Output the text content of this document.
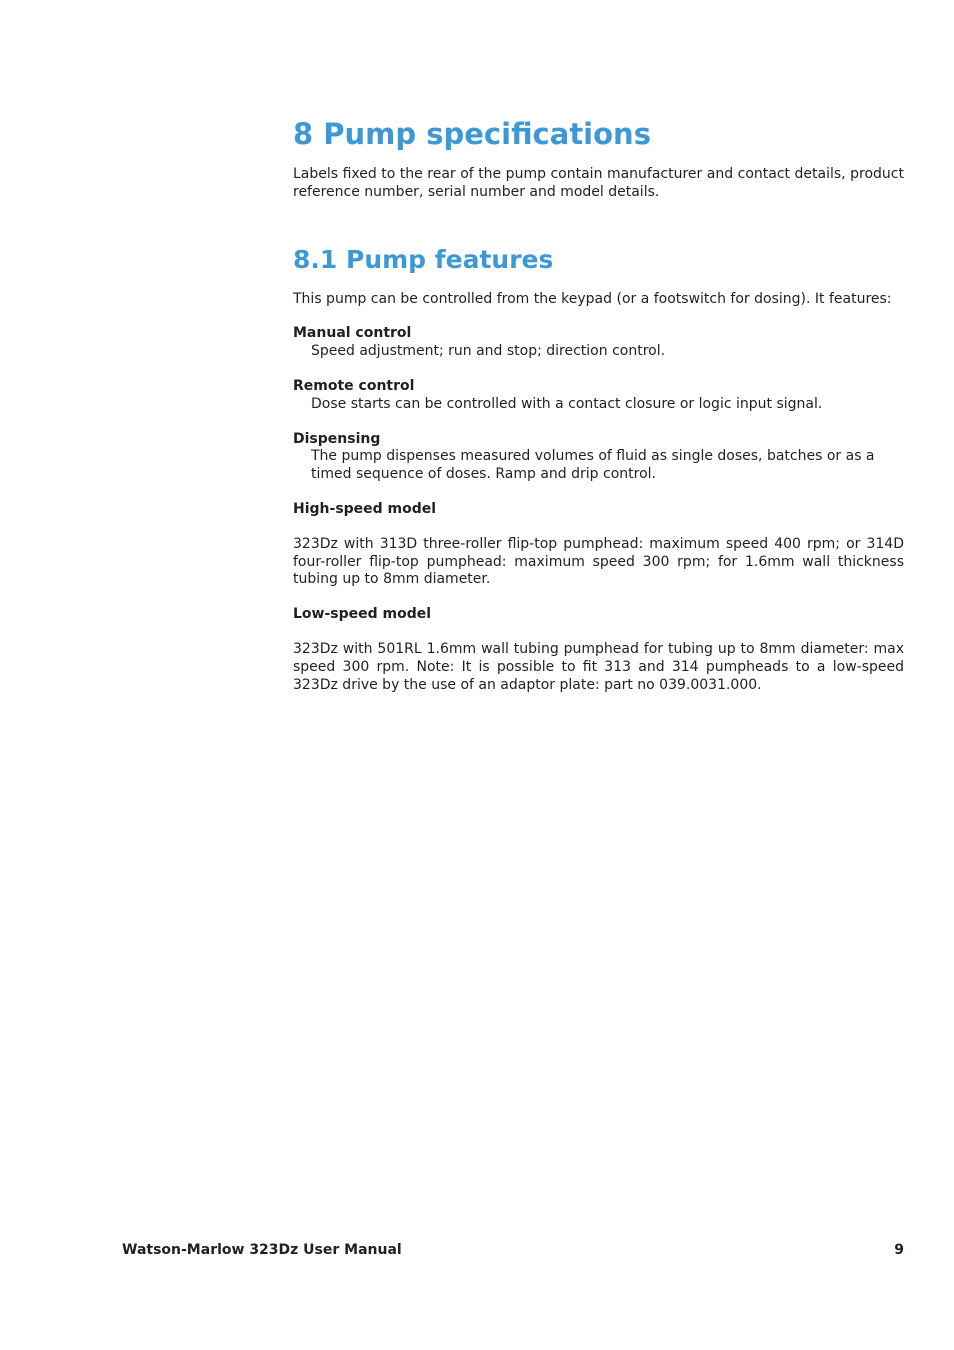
8 Pump specifications

Labels fixed to the rear of the pump contain manufacturer and contact details, product reference number, serial number and model details.

8.1 Pump features

This pump can be controlled from the keypad (or a footswitch for dosing). It features:

Manual control

Speed adjustment; run and stop; direction control.

Remote control

Dose starts can be controlled with a contact closure or logic input signal.

Dispensing

The pump dispenses measured volumes of fluid as single doses, batches or as a timed sequence of doses. Ramp and drip control.

High-speed model

323Dz with 313D three-roller flip-top pumphead: maximum speed 400 rpm; or 314D four-roller flip-top pumphead: maximum speed 300 rpm; for 1.6mm wall thickness tubing up to 8mm diameter.

Low-speed model

323Dz with 501RL 1.6mm wall tubing pumphead for tubing up to 8mm diameter: max speed 300 rpm. Note: It is possible to fit 313 and 314 pumpheads to a low-speed 323Dz drive by the use of an adaptor plate: part no 039.0031.000.

Watson-Marlow 323Dz User Manual	9
